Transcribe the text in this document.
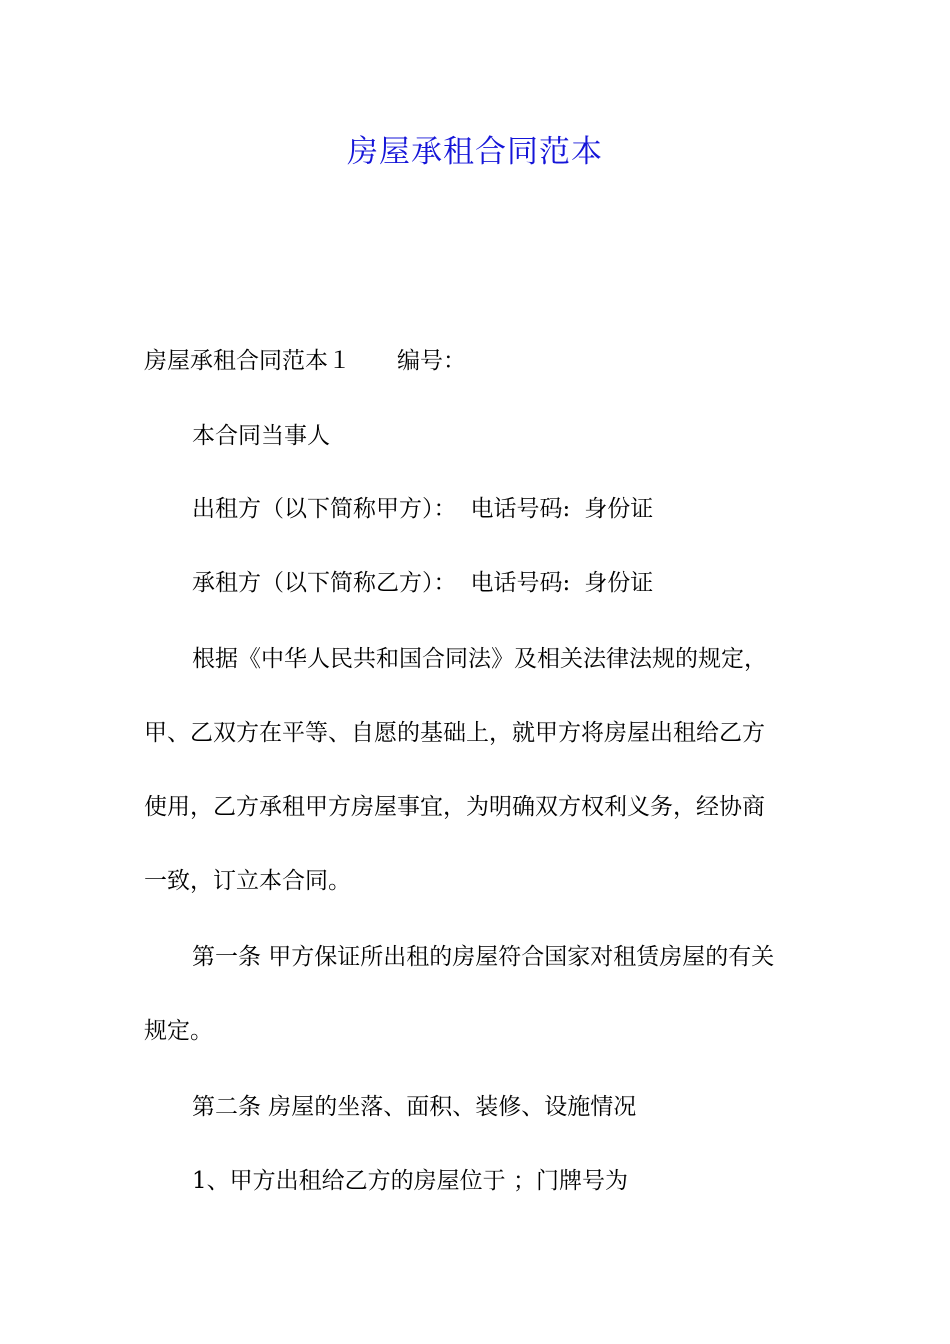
房屋承租合同范本
房屋承租合同范本１ 编号：
本合同当事人
出租方（以下简称甲方）： 电话号码: 身份证
承租方（以下简称乙方）： 电话号码: 身份证
根据《中华人民共和国合同法》及相关法律法规的规定，
甲、乙双方在平等、自愿的基础上，就甲方将房屋出租给乙方
使用，乙方承租甲方房屋事宜，为明确双方权利义务，经协商
一致，订立本合同。
第一条 甲方保证所出租的房屋符合国家对租赁房屋的有关
规定。
第二条 房屋的坐落、面积、装修、设施情况
1、甲方出租给乙方的房屋位于 ；门牌号为
